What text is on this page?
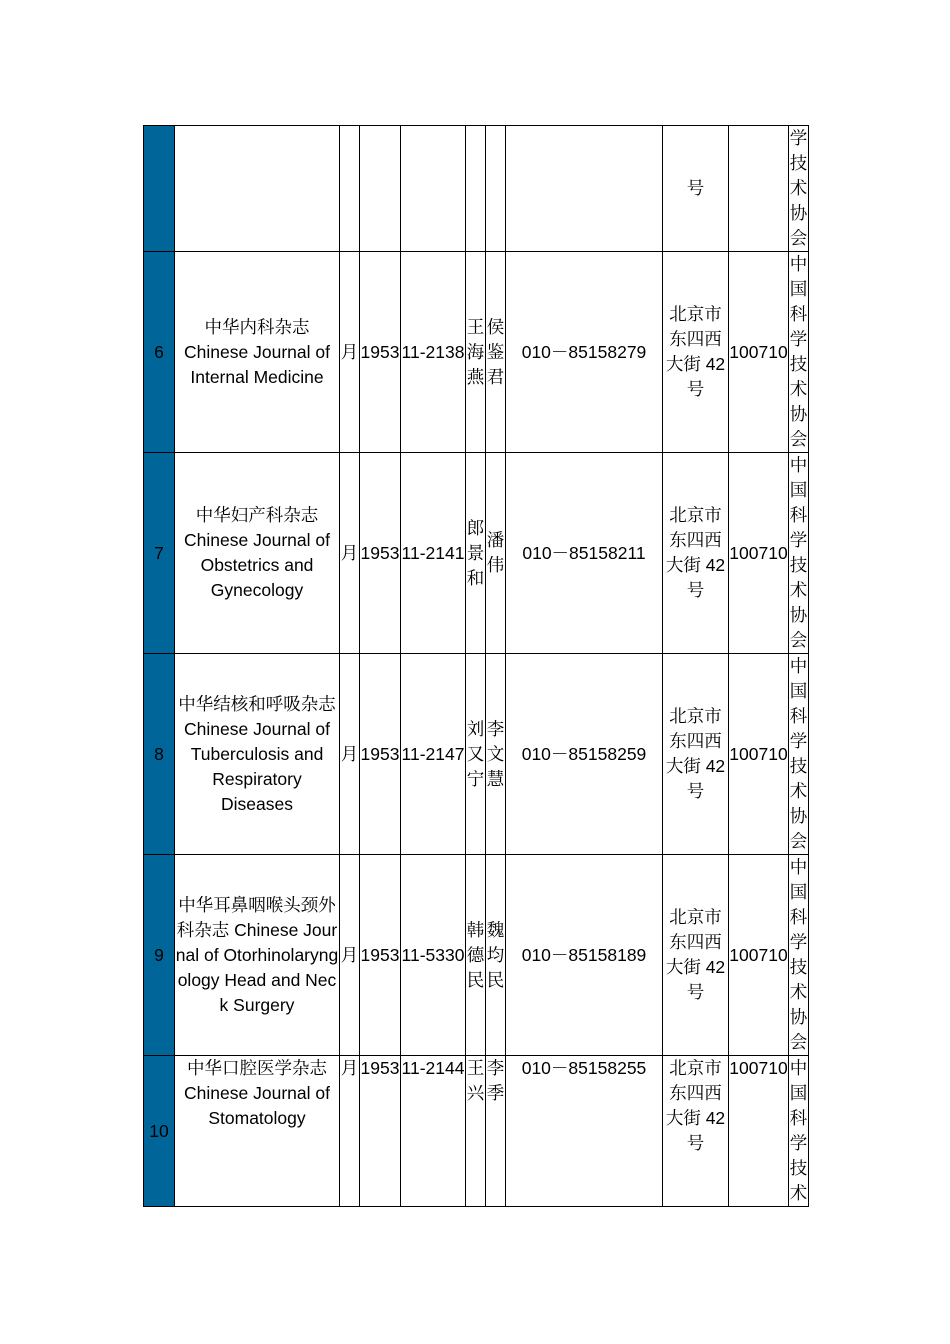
								号		学技术协会
6	中华内科杂志 Chinese Journal of Internal Medicine	月	1953	11-2138	王海燕	侯鉴君	010－85158279	北京市东四西大街 42号	100710	中国科学技术协会
7	中华妇产科杂志 Chinese Journal of Obstetrics and Gynecology	月	1953	11-2141	郎景和	潘伟	010－85158211	北京市东四西大街 42号	100710	中国科学技术协会
8	中华结核和呼吸杂志 Chinese Journal of Tuberculosis and Respiratory Diseases	月	1953	11-2147	刘又宁	李文慧	010－85158259	北京市东四西大街 42号	100710	中国科学技术协会
9	中华耳鼻咽喉头颈外科杂志 Chinese Journal of Otorhinolaryngology Head and Neck Surgery	月	1953	11-5330	韩德民	魏均民	010－85158189	北京市东四西大街 42号	100710	中国科学技术协会
10	中华口腔医学杂志 Chinese Journal of Stomatology	月	1953	11-2144	王兴	李季	010－85158255	北京市东四西大街 42号	100710	中国科学技术
